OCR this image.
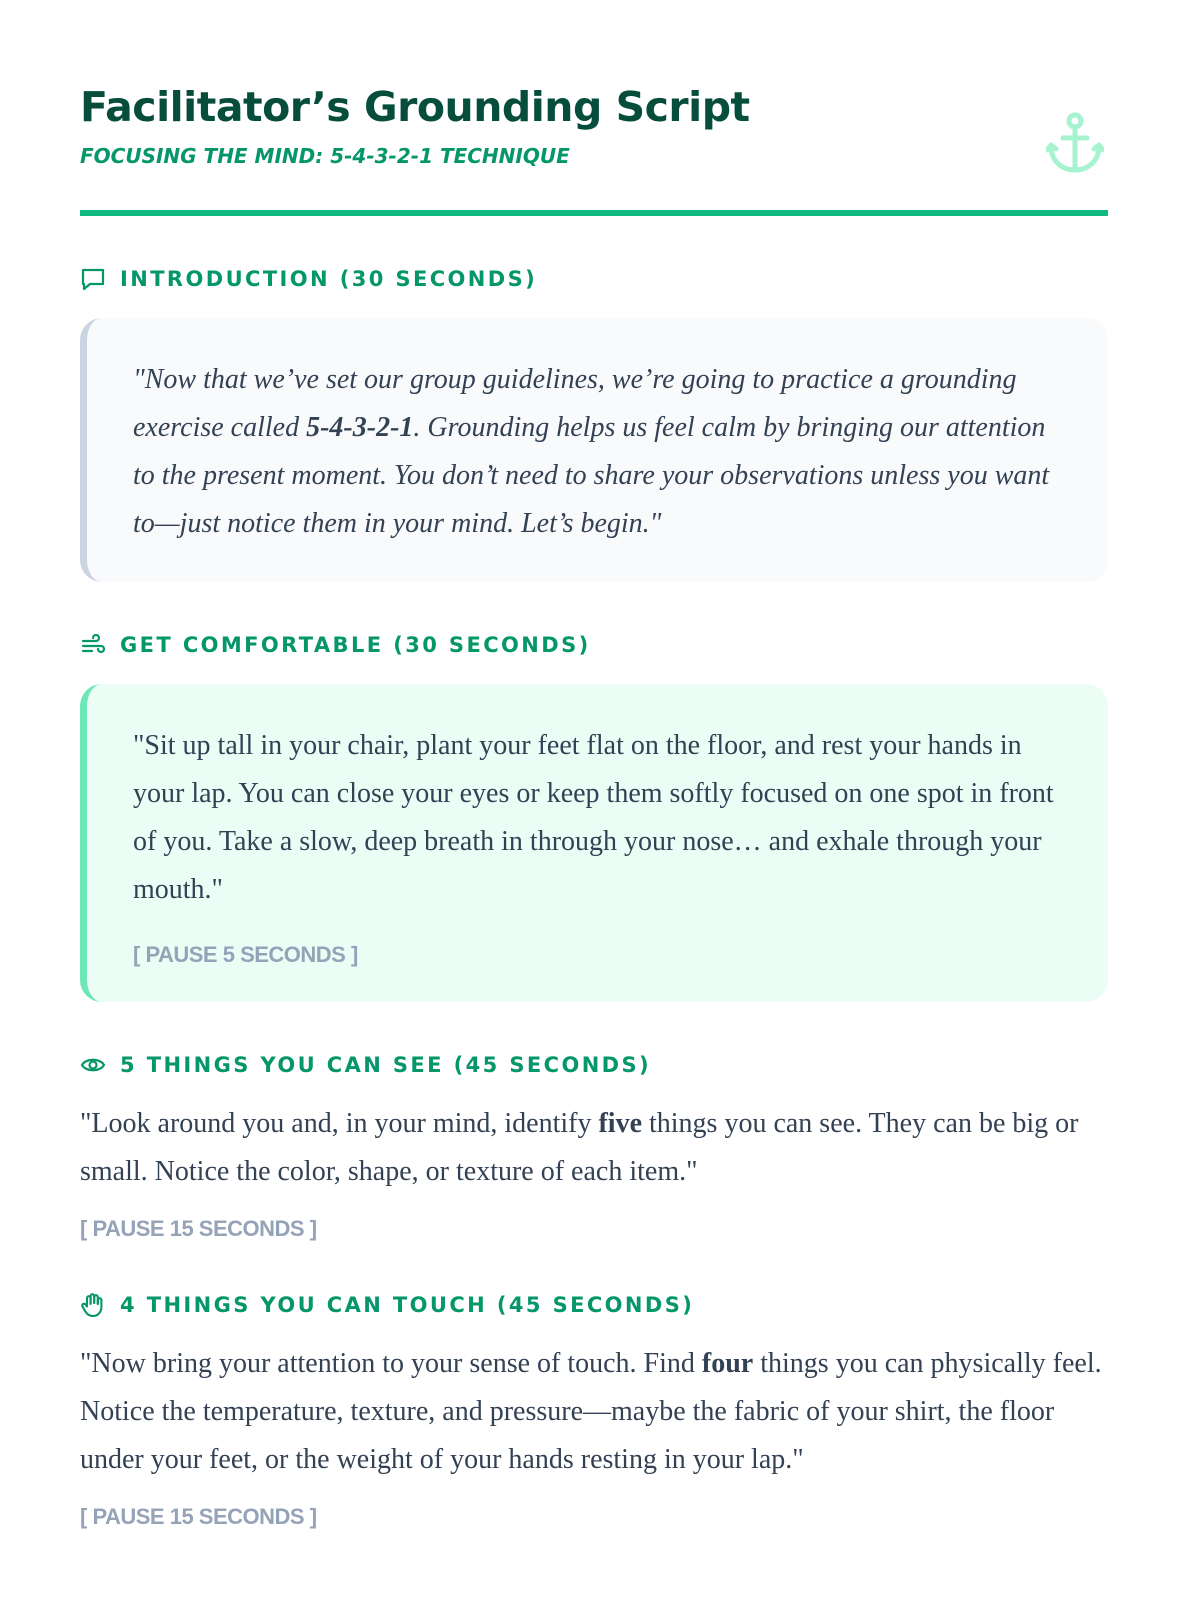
Facilitator’s Grounding Script
FOCUSING THE MIND: 5-4-3-2-1 TECHNIQUE
INTRODUCTION (30 SECONDS)

"Now that we’ve set our group guidelines, we’re going to practice a grounding exercise called 5-4-3-2-1. Grounding helps us feel calm by bringing our attention to the present moment. You don’t need to share your observations unless you want to—just notice them in your mind. Let’s begin."

GET COMFORTABLE (30 SECONDS)

"Sit up tall in your chair, plant your feet flat on the floor, and rest your hands in your lap. You can close your eyes or keep them softly focused on one spot in front of you. Take a slow, deep breath in through your nose… and exhale through your mouth."

[ PAUSE 5 SECONDS ]
5 THINGS YOU CAN SEE (45 SECONDS)

"Look around you and, in your mind, identify five things you can see. They can be big or small. Notice the color, shape, or texture of each item."

[ PAUSE 15 SECONDS ]
4 THINGS YOU CAN TOUCH (45 SECONDS)

"Now bring your attention to your sense of touch. Find four things you can physically feel. Notice the temperature, texture, and pressure—maybe the fabric of your shirt, the floor under your feet, or the weight of your hands resting in your lap."

[ PAUSE 15 SECONDS ]
